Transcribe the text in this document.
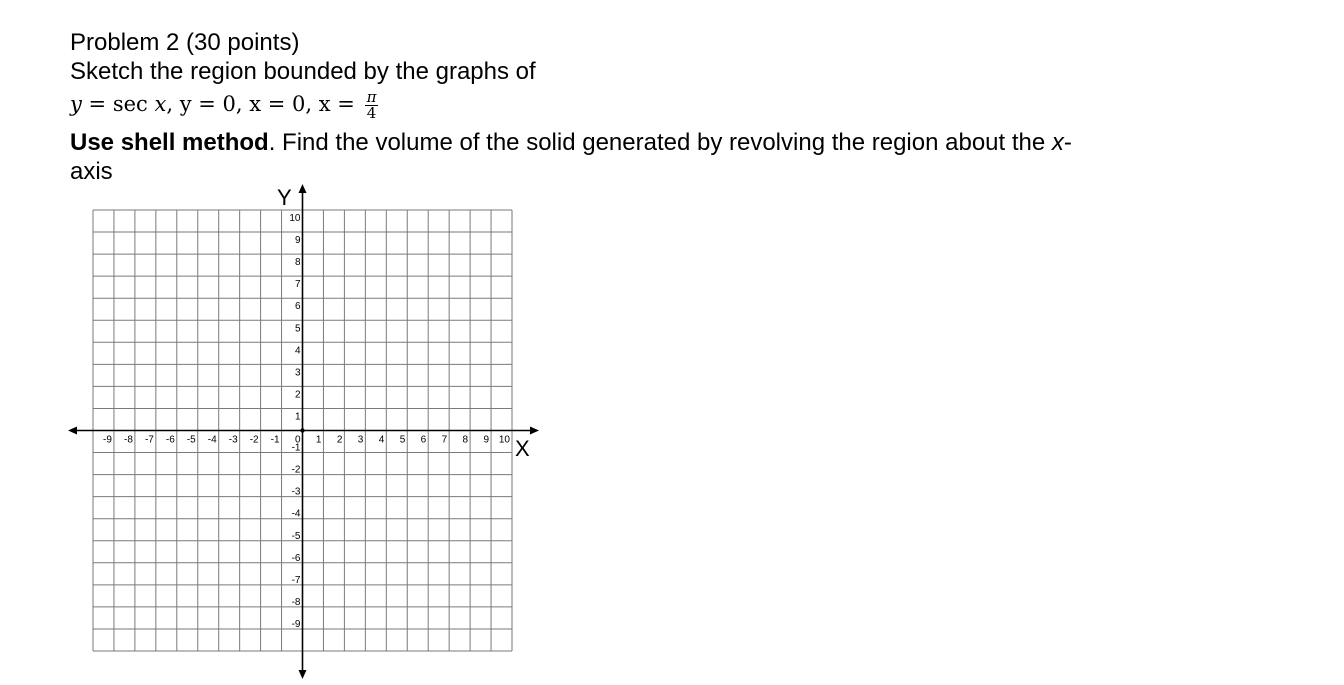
Problem 2 (30 points)
Sketch the region bounded by the graphs of
y = sec x, y = 0, x = 0, $x = \frac{\pi}{4}$
Use shell method. Find the volume of the solid generated by revolving the region about the x-
axis
-9 -8 -7 -6 -5 -4 -3 -2 -1 0 1 2 3 4 5 6 7 8 9 10
10
9
8
7
6
5
4
3
2
1
-1
-2
-3
-4
-5
-6
-7
-8
-9
Y
X
